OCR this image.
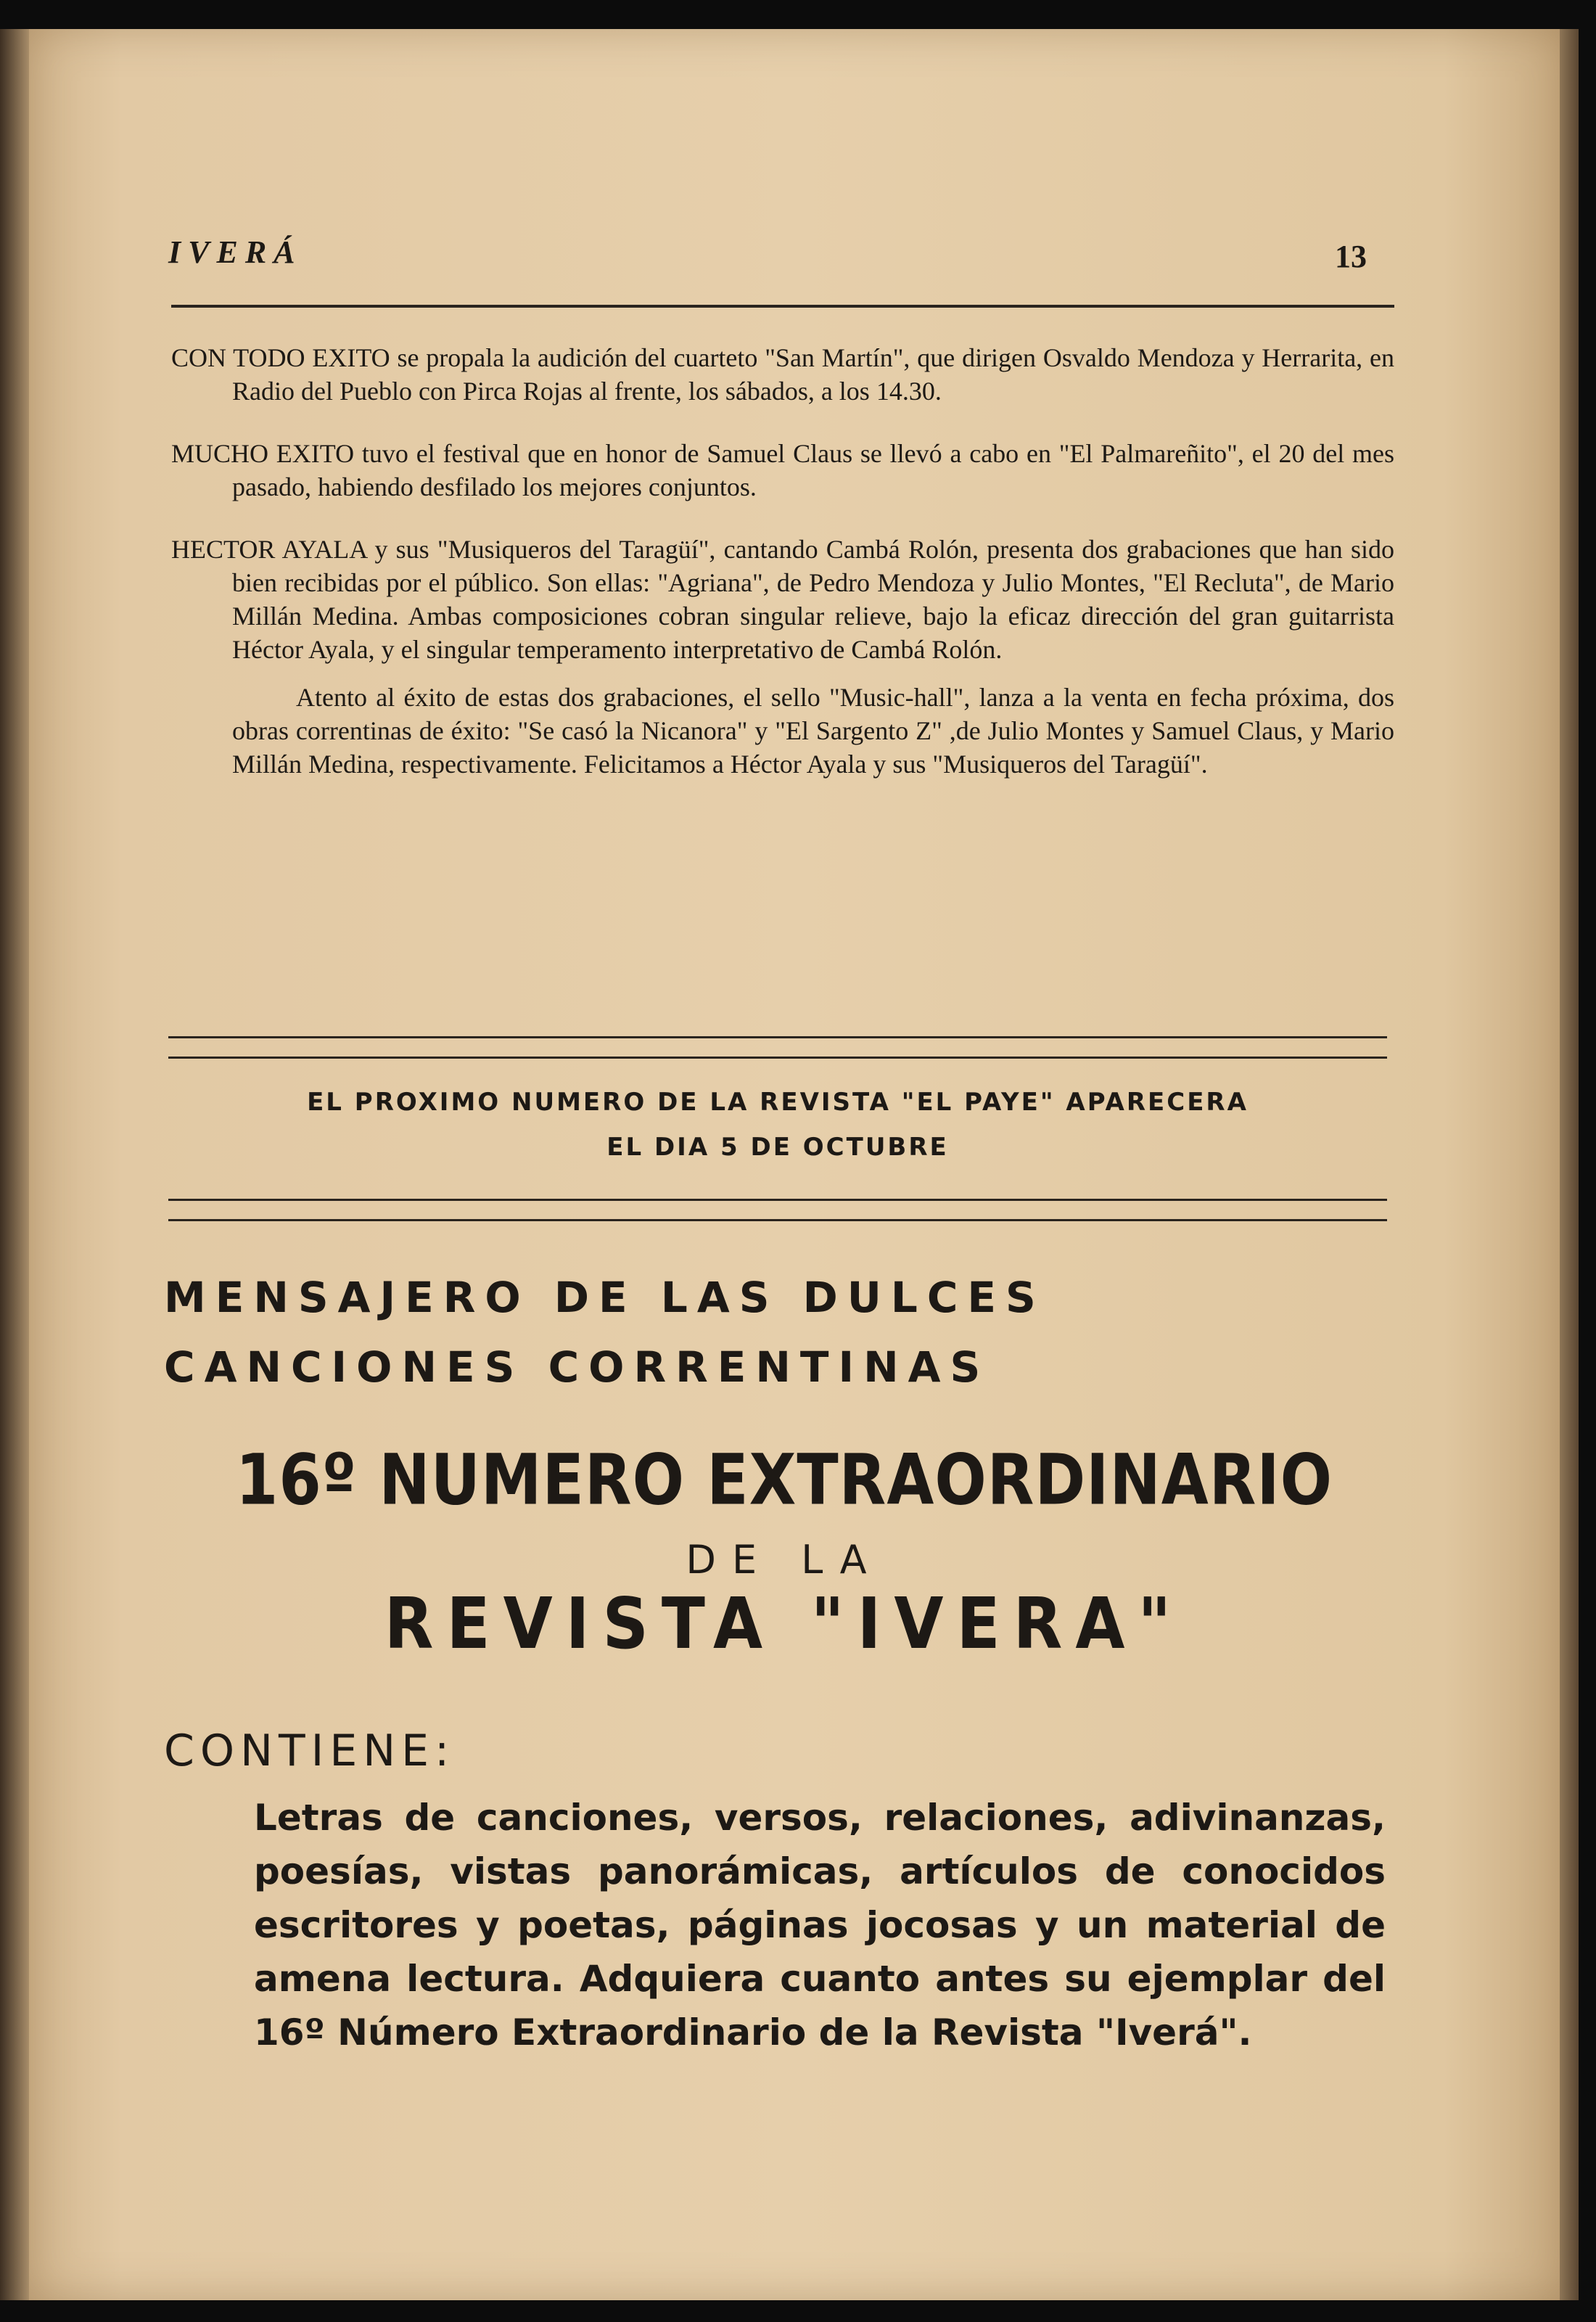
IVERÁ	13

CON TODO EXITO se propala la audición del cuarteto "San Martín", que dirigen Osvaldo Mendoza y Herrarita, en Radio del Pueblo con Pirca Rojas al frente, los sábados, a los 14.30.

MUCHO EXITO tuvo el festival que en honor de Samuel Claus se llevó a cabo en "El Palmareñito", el 20 del mes pasado, habiendo desfilado los mejores conjuntos.

HECTOR AYALA y sus "Musiqueros del Taragüí", cantando Cambá Rolón, presenta dos grabaciones que han sido bien recibidas por el público. Son ellas: "Agriana", de Pedro Mendoza y Julio Montes, "El Recluta", de Mario Millán Medina. Ambas composiciones cobran singular relieve, bajo la eficaz dirección del gran guitarrista Héctor Ayala, y el singular temperamento interpretativo de Cambá Rolón.

Atento al éxito de estas dos grabaciones, el sello "Music-hall", lanza a la venta en fecha próxima, dos obras correntinas de éxito: "Se casó la Nicanora" y "El Sargento Z" ,de Julio Montes y Samuel Claus, y Mario Millán Medina, respectivamente. Felicitamos a Héctor Ayala y sus "Musiqueros del Taragüí".

EL PROXIMO NUMERO DE LA REVISTA "EL PAYE" APARECERA
EL DIA 5 DE OCTUBRE
MENSAJERO DE LAS DULCES
CANCIONES CORRENTINAS
16º NUMERO EXTRAORDINARIO
DE LA
REVISTA "IVERA"
CONTIENE:
Letras de canciones, versos, relaciones, adivinanzas, poesías, vistas panorámicas, artículos de conocidos escritores y poetas, páginas jocosas y un material de amena lectura. Adquiera cuanto antes su ejemplar del 16º Número Extraordinario de la Revista "Iverá".
